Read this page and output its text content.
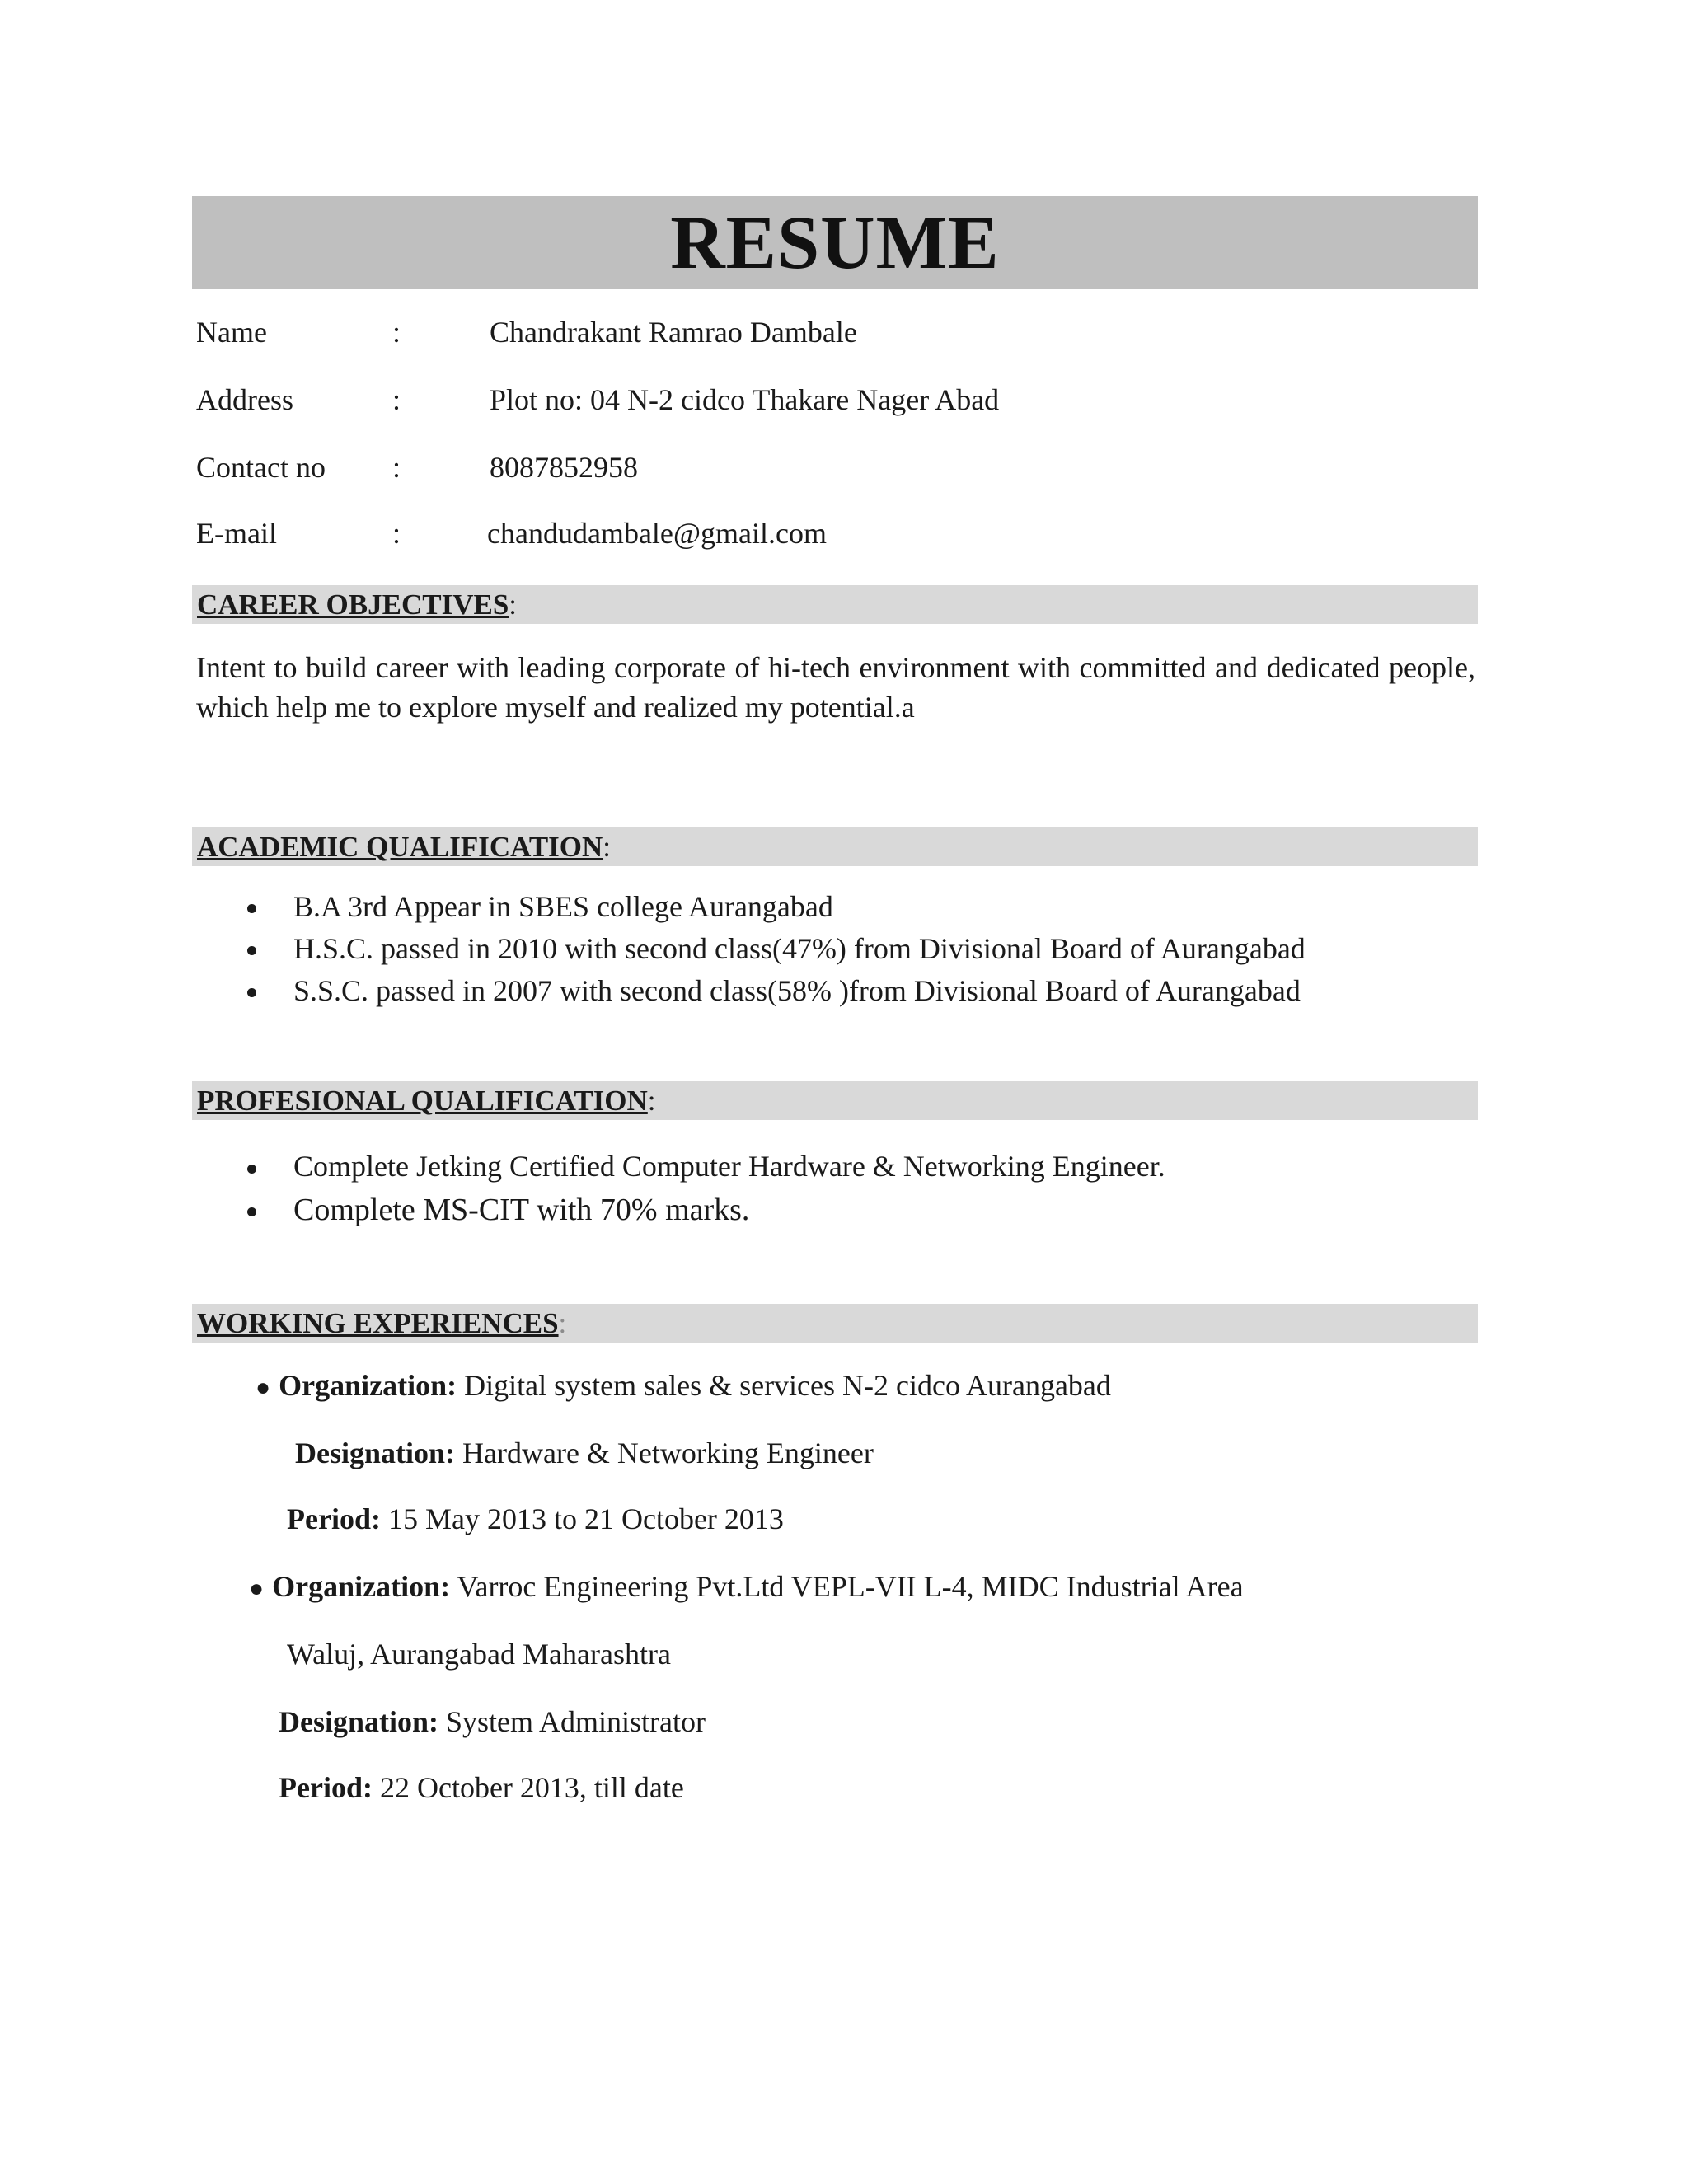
RESUME
Name	:	Chandrakant Ramrao Dambale
Address	:	Plot no: 04 N-2 cidco Thakare Nager Abad
Contact no :	8087852958
E-mail	:	chandudambale@gmail.com
CAREER OBJECTIVES:
Intent to build career with leading corporate of hi-tech environment with committed and dedicated people, which help me to explore myself and realized my potential.a
ACADEMIC QUALIFICATION:
B.A 3rd Appear in SBES college Aurangabad
H.S.C. passed in 2010 with second class(47%) from Divisional Board of Aurangabad
S.S.C. passed in 2007 with second class(58% )from Divisional Board of Aurangabad
PROFESIONAL QUALIFICATION:
Complete Jetking Certified Computer Hardware & Networking Engineer.
Complete MS-CIT with 70% marks.
WORKING EXPERIENCES:
● Organization: Digital system sales & services N-2 cidco Aurangabad
Designation: Hardware & Networking Engineer
Period: 15 May 2013 to 21 October 2013
● Organization: Varroc Engineering Pvt.Ltd VEPL-VII L-4, MIDC Industrial Area
Waluj, Aurangabad Maharashtra
Designation: System Administrator
Period: 22 October 2013, till date
